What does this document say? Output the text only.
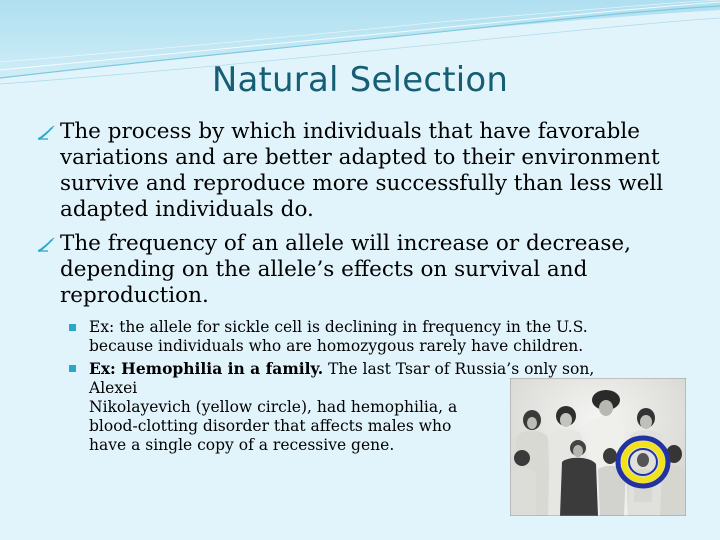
Natural Selection
The process by which individuals that have favorable variations and are better adapted to their environment survive and reproduce more successfully than less well adapted individuals do.
The frequency of an allele will increase or decrease, depending on the allele’s effects on survival and reproduction.
Ex: the allele for sickle cell is declining in frequency in the U.S. because individuals who are homozygous rarely have children.
Ex: Hemophilia in a family. The last Tsar of Russia’s only son,
Alexei
Nikolayevich (yellow circle), had hemophilia, a
blood-clotting disorder that affects males who
have a single copy of a recessive gene.
